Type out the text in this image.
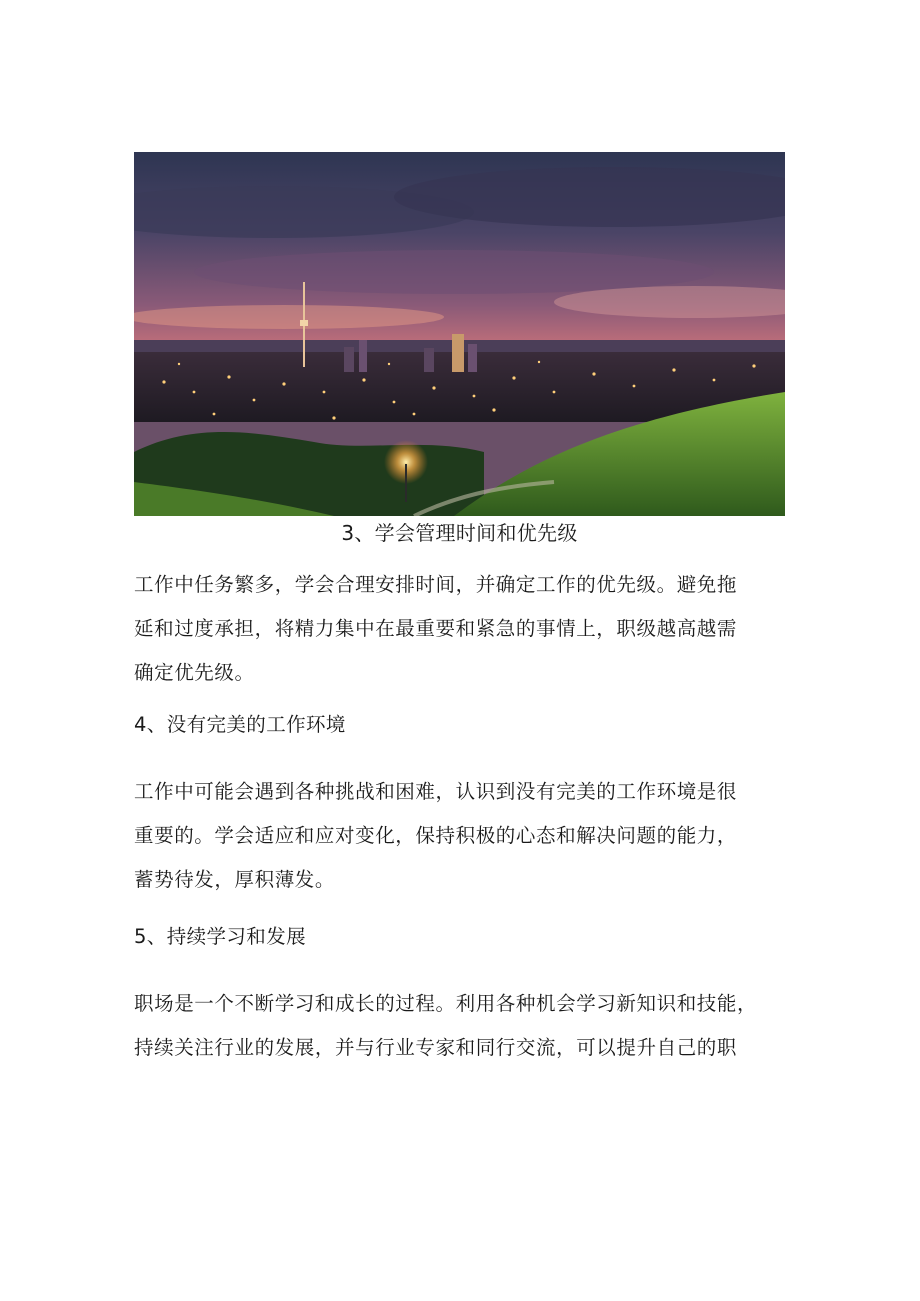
3、学会管理时间和优先级

工作中任务繁多，学会合理安排时间，并确定工作的优先级。避免拖

延和过度承担，将精力集中在最重要和紧急的事情上，职级越高越需

确定优先级。

4、没有完美的工作环境

工作中可能会遇到各种挑战和困难，认识到没有完美的工作环境是很

重要的。学会适应和应对变化，保持积极的心态和解决问题的能力，

蓄势待发，厚积薄发。

5、持续学习和发展

职场是一个不断学习和成长的过程。利用各种机会学习新知识和技能，

持续关注行业的发展，并与行业专家和同行交流，可以提升自己的职
